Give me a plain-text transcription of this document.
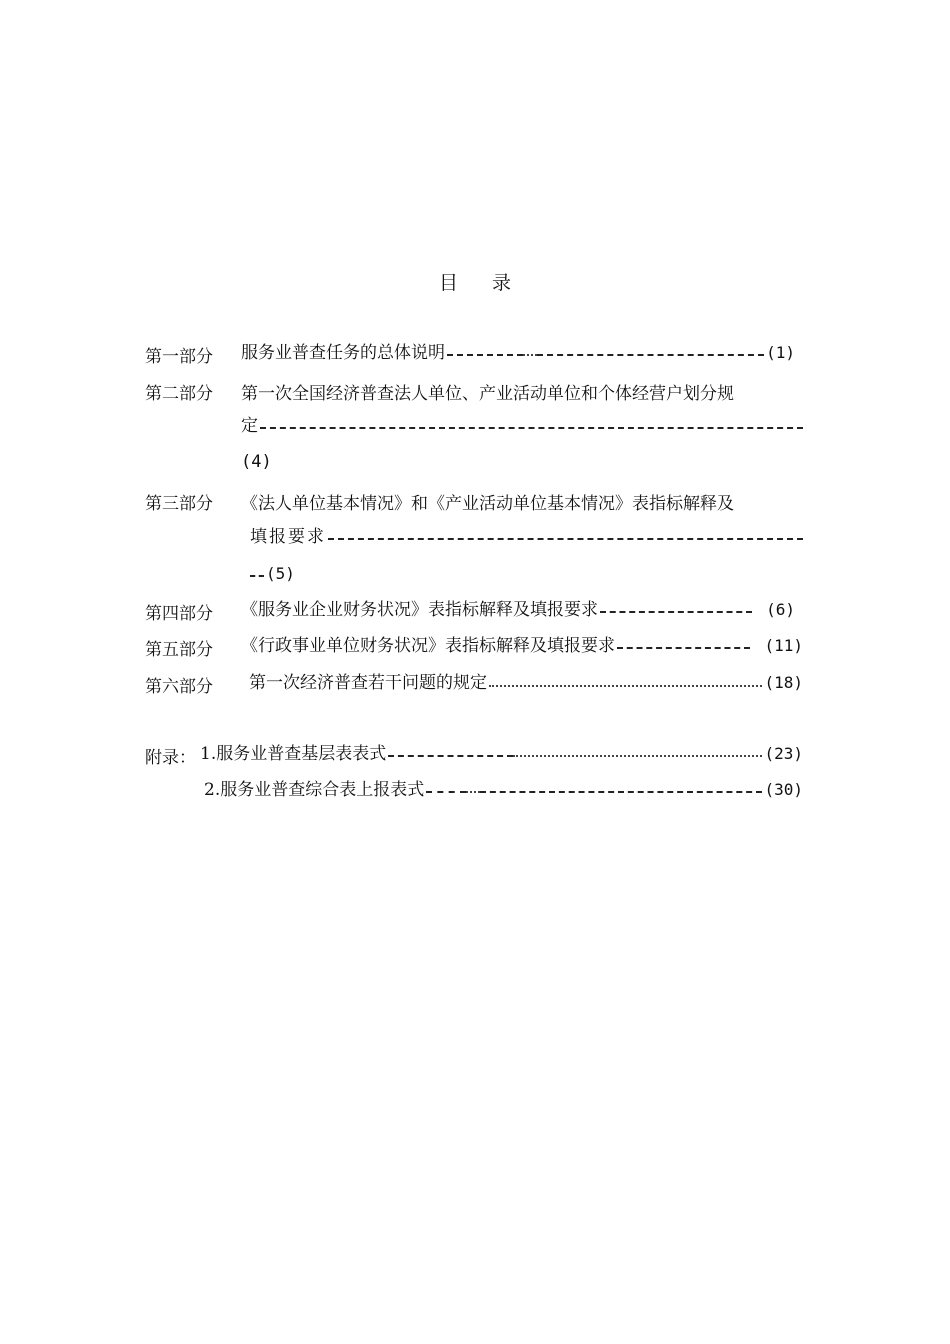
目录
第一部分 服务业普查任务的总体说明	(1)
第二部分 第一次全国经济普查法人单位、产业活动单位和个体经营户划分规
定
(4)
第三部分 《法人单位基本情况》和《产业活动单位基本情况》表指标解释及
填报要求
(5)
第四部分 《服务业企业财务状况》表指标解释及填报要求	(6)
第五部分 《行政事业单位财务状况》表指标解释及填报要求	(11)
第六部分 第一次经济普查若干问题的规定	(18)
附录： 1.服务业普查基层表表式	(23)
2.服务业普查综合表上报表式	(30)
